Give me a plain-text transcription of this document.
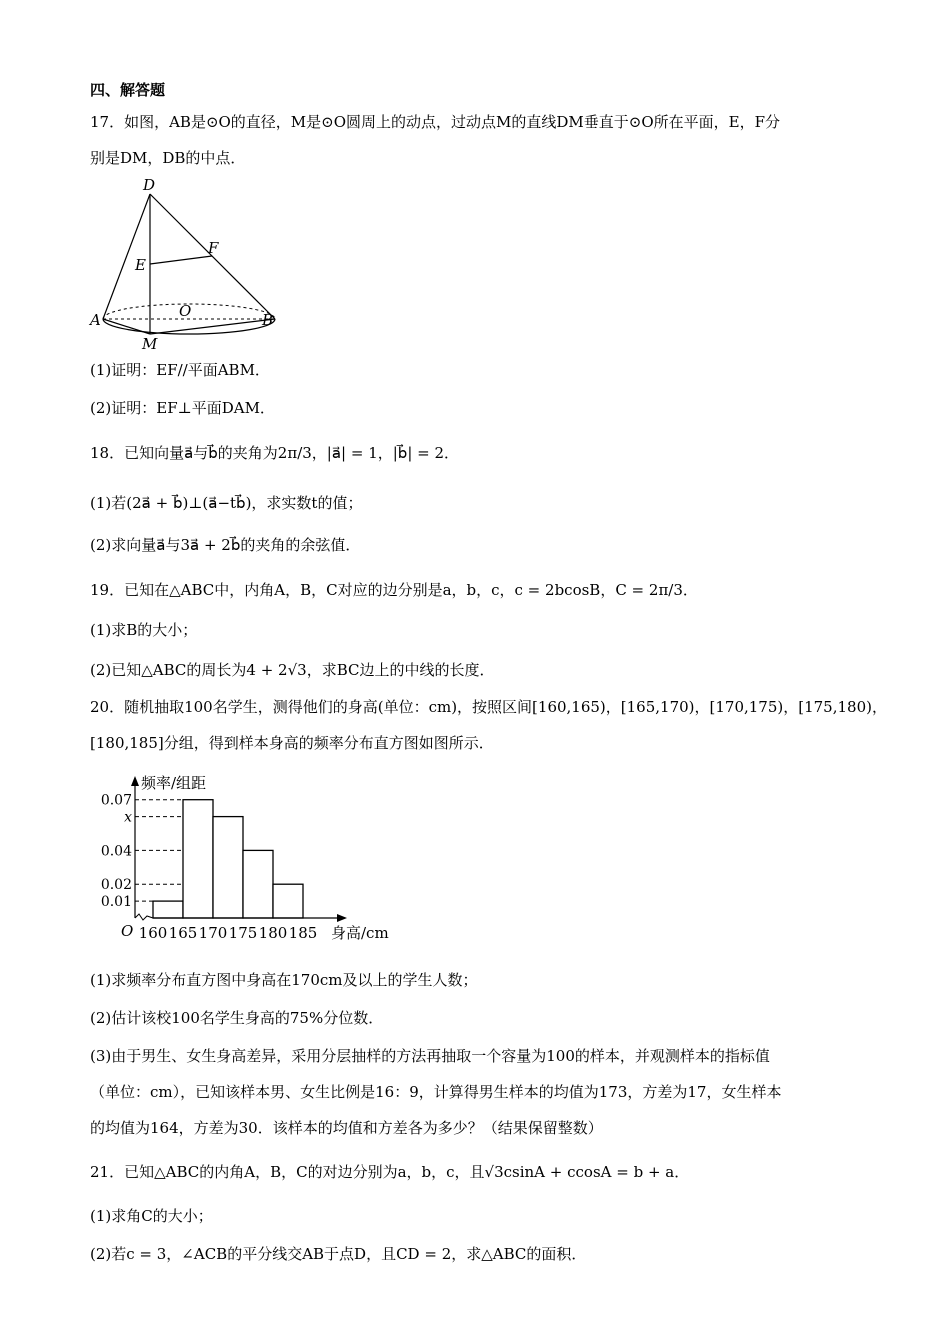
四、解答题
17．如图，AB是⊙O的直径，M是⊙O圆周上的动点，过动点M的直线DM垂直于⊙O所在平面，E，F分
别是DM，DB的中点．
D
E
F
O
A	B
M
(1)证明：EF//平面ABM．
(2)证明：EF⊥平面DAM．
18．已知向量a⃗与b⃗的夹角为2π/3，|a⃗| = 1，|b⃗| = 2．
(1)若(2a⃗ + b⃗)⊥(a⃗−tb⃗)，求实数t的值；
(2)求向量a⃗与3a⃗ + 2b⃗的夹角的余弦值．
19．已知在△ABC中，内角A，B，C对应的边分别是a，b，c，c = 2bcosB，C = 2π/3．
(1)求B的大小；
(2)已知△ABC的周长为4 + 2√3，求BC边上的中线的长度．
20．随机抽取100名学生，测得他们的身高(单位：cm)，按照区间[160,165)，[165,170)，[170,175)，[175,180)，
[180,185]分组，得到样本身高的频率分布直方图如图所示．
0.01
0.07
x
0.04
0.02
160 165 170 175 180 185
频率/组距
身高/cm
O
(1)求频率分布直方图中身高在170cm及以上的学生人数；
(2)估计该校100名学生身高的75%分位数．
(3)由于男生、女生身高差异，采用分层抽样的方法再抽取一个容量为100的样本，并观测样本的指标值
（单位：cm），已知该样本男、女生比例是16：9，计算得男生样本的均值为173，方差为17，女生样本
的均值为164，方差为30．该样本的均值和方差各为多少？（结果保留整数）
21．已知△ABC的内角A，B，C的对边分别为a，b，c，且√3csinA + ccosA = b + a．
(1)求角C的大小；
(2)若c = 3，∠ACB的平分线交AB于点D，且CD = 2，求△ABC的面积．
